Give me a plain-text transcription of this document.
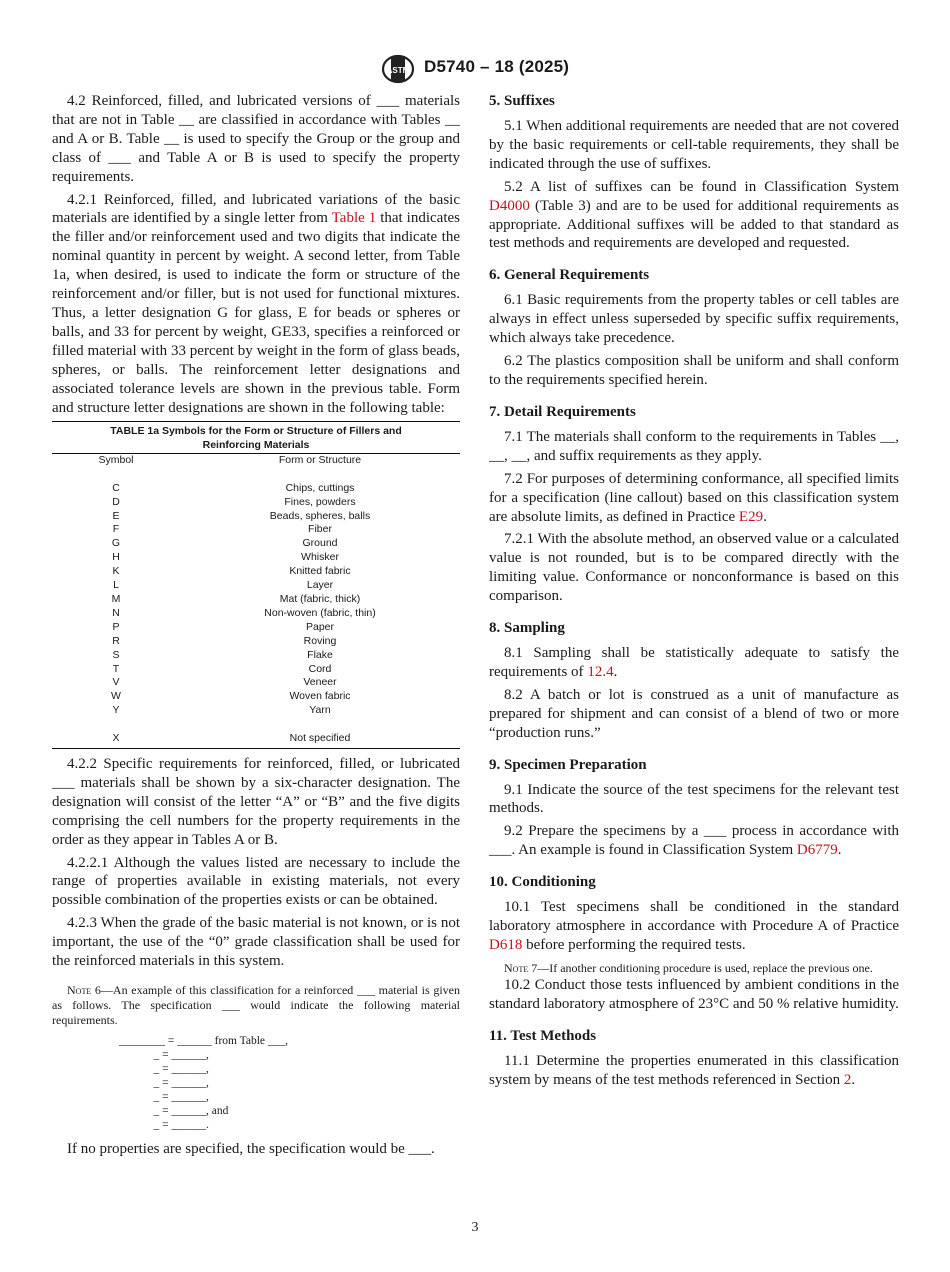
ASTM D5740 – 18 (2025)

4.2 Reinforced, filled, and lubricated versions of ___ materials that are not in Table __ are classified in accordance with Tables __ and A or B. Table __ is used to specify the Group or the group and class of ___ and Table A or B is used to specify the property requirements.

4.2.1 Reinforced, filled, and lubricated variations of the basic materials are identified by a single letter from Table 1 that indicates the filler and/or reinforcement used and two digits that indicate the nominal quantity in percent by weight. A second letter, from Table 1a, when desired, is used to indicate the form or structure of the reinforcement and/or filler, but is not used for functional mixtures. Thus, a letter designation G for glass, E for beads or spheres or balls, and 33 for percent by weight, GE33, specifies a reinforced or filled material with 33 percent by weight in the form of glass beads, spheres, or balls. The reinforcement letter designations and associated tolerance levels are shown in the previous table. Form and structure letter designations are shown in the following table:

TABLE 1a Symbols for the Form or Structure of Fillers and
Reinforcing Materials
Symbol	Form or Structure
C	Chips, cuttings
D	Fines, powders
E	Beads, spheres, balls
F	Fiber
G	Ground
H	Whisker
K	Knitted fabric
L	Layer
M	Mat (fabric, thick)
N	Non-woven (fabric, thin)
P	Paper
R	Roving
S	Flake
T	Cord
V	Veneer
W	Woven fabric
Y	Yarn
X	Not specified

4.2.2 Specific requirements for reinforced, filled, or lubricated ___ materials shall be shown by a six-character designation. The designation will consist of the letter “A” or “B” and the five digits comprising the cell numbers for the property requirements in the order as they appear in Tables A or B.

4.2.2.1 Although the values listed are necessary to include the range of properties available in existing materials, not every possible combination of the properties exists or can be obtained.

4.2.3 When the grade of the basic material is not known, or is not important, the use of the “0” grade classification shall be used for the reinforced materials in this system.

Note 6—An example of this classification for a reinforced ___ material is given as follows. The specification ___ would indicate the following material requirements.
________ = ______ from Table ___,
_ = ______,
_ = ______,
_ = ______,
_ = ______,
_ = ______, and
_ = ______.

If no properties are specified, the specification would be ___.

5. Suffixes

5.1 When additional requirements are needed that are not covered by the basic requirements or cell-table requirements, they shall be indicated through the use of suffixes.

5.2 A list of suffixes can be found in Classification System D4000 (Table 3) and are to be used for additional requirements as appropriate. Additional suffixes will be added to that standard as test methods and requirements are developed and requested.

6. General Requirements

6.1 Basic requirements from the property tables or cell tables are always in effect unless superseded by specific suffix requirements, which always take precedence.

6.2 The plastics composition shall be uniform and shall conform to the requirements specified herein.

7. Detail Requirements

7.1 The materials shall conform to the requirements in Tables __, __, __, and suffix requirements as they apply.

7.2 For purposes of determining conformance, all specified limits for a specification (line callout) based on this classification system are absolute limits, as defined in Practice E29.

7.2.1 With the absolute method, an observed value or a calculated value is not rounded, but is to be compared directly with the limiting value. Conformance or nonconformance is based on this comparison.

8. Sampling

8.1 Sampling shall be statistically adequate to satisfy the requirements of 12.4.

8.2 A batch or lot is construed as a unit of manufacture as prepared for shipment and can consist of a blend of two or more “production runs.”

9. Specimen Preparation

9.1 Indicate the source of the test specimens for the relevant test methods.

9.2 Prepare the specimens by a ___ process in accordance with ___. An example is found in Classification System D6779.

10. Conditioning

10.1 Test specimens shall be conditioned in the standard laboratory atmosphere in accordance with Procedure A of Practice D618 before performing the required tests.

Note 7—If another conditioning procedure is used, replace the previous one.

10.2 Conduct those tests influenced by ambient conditions in the standard laboratory atmosphere of 23°C and 50 % relative humidity.

11. Test Methods

11.1 Determine the properties enumerated in this classification system by means of the test methods referenced in Section 2.

3
